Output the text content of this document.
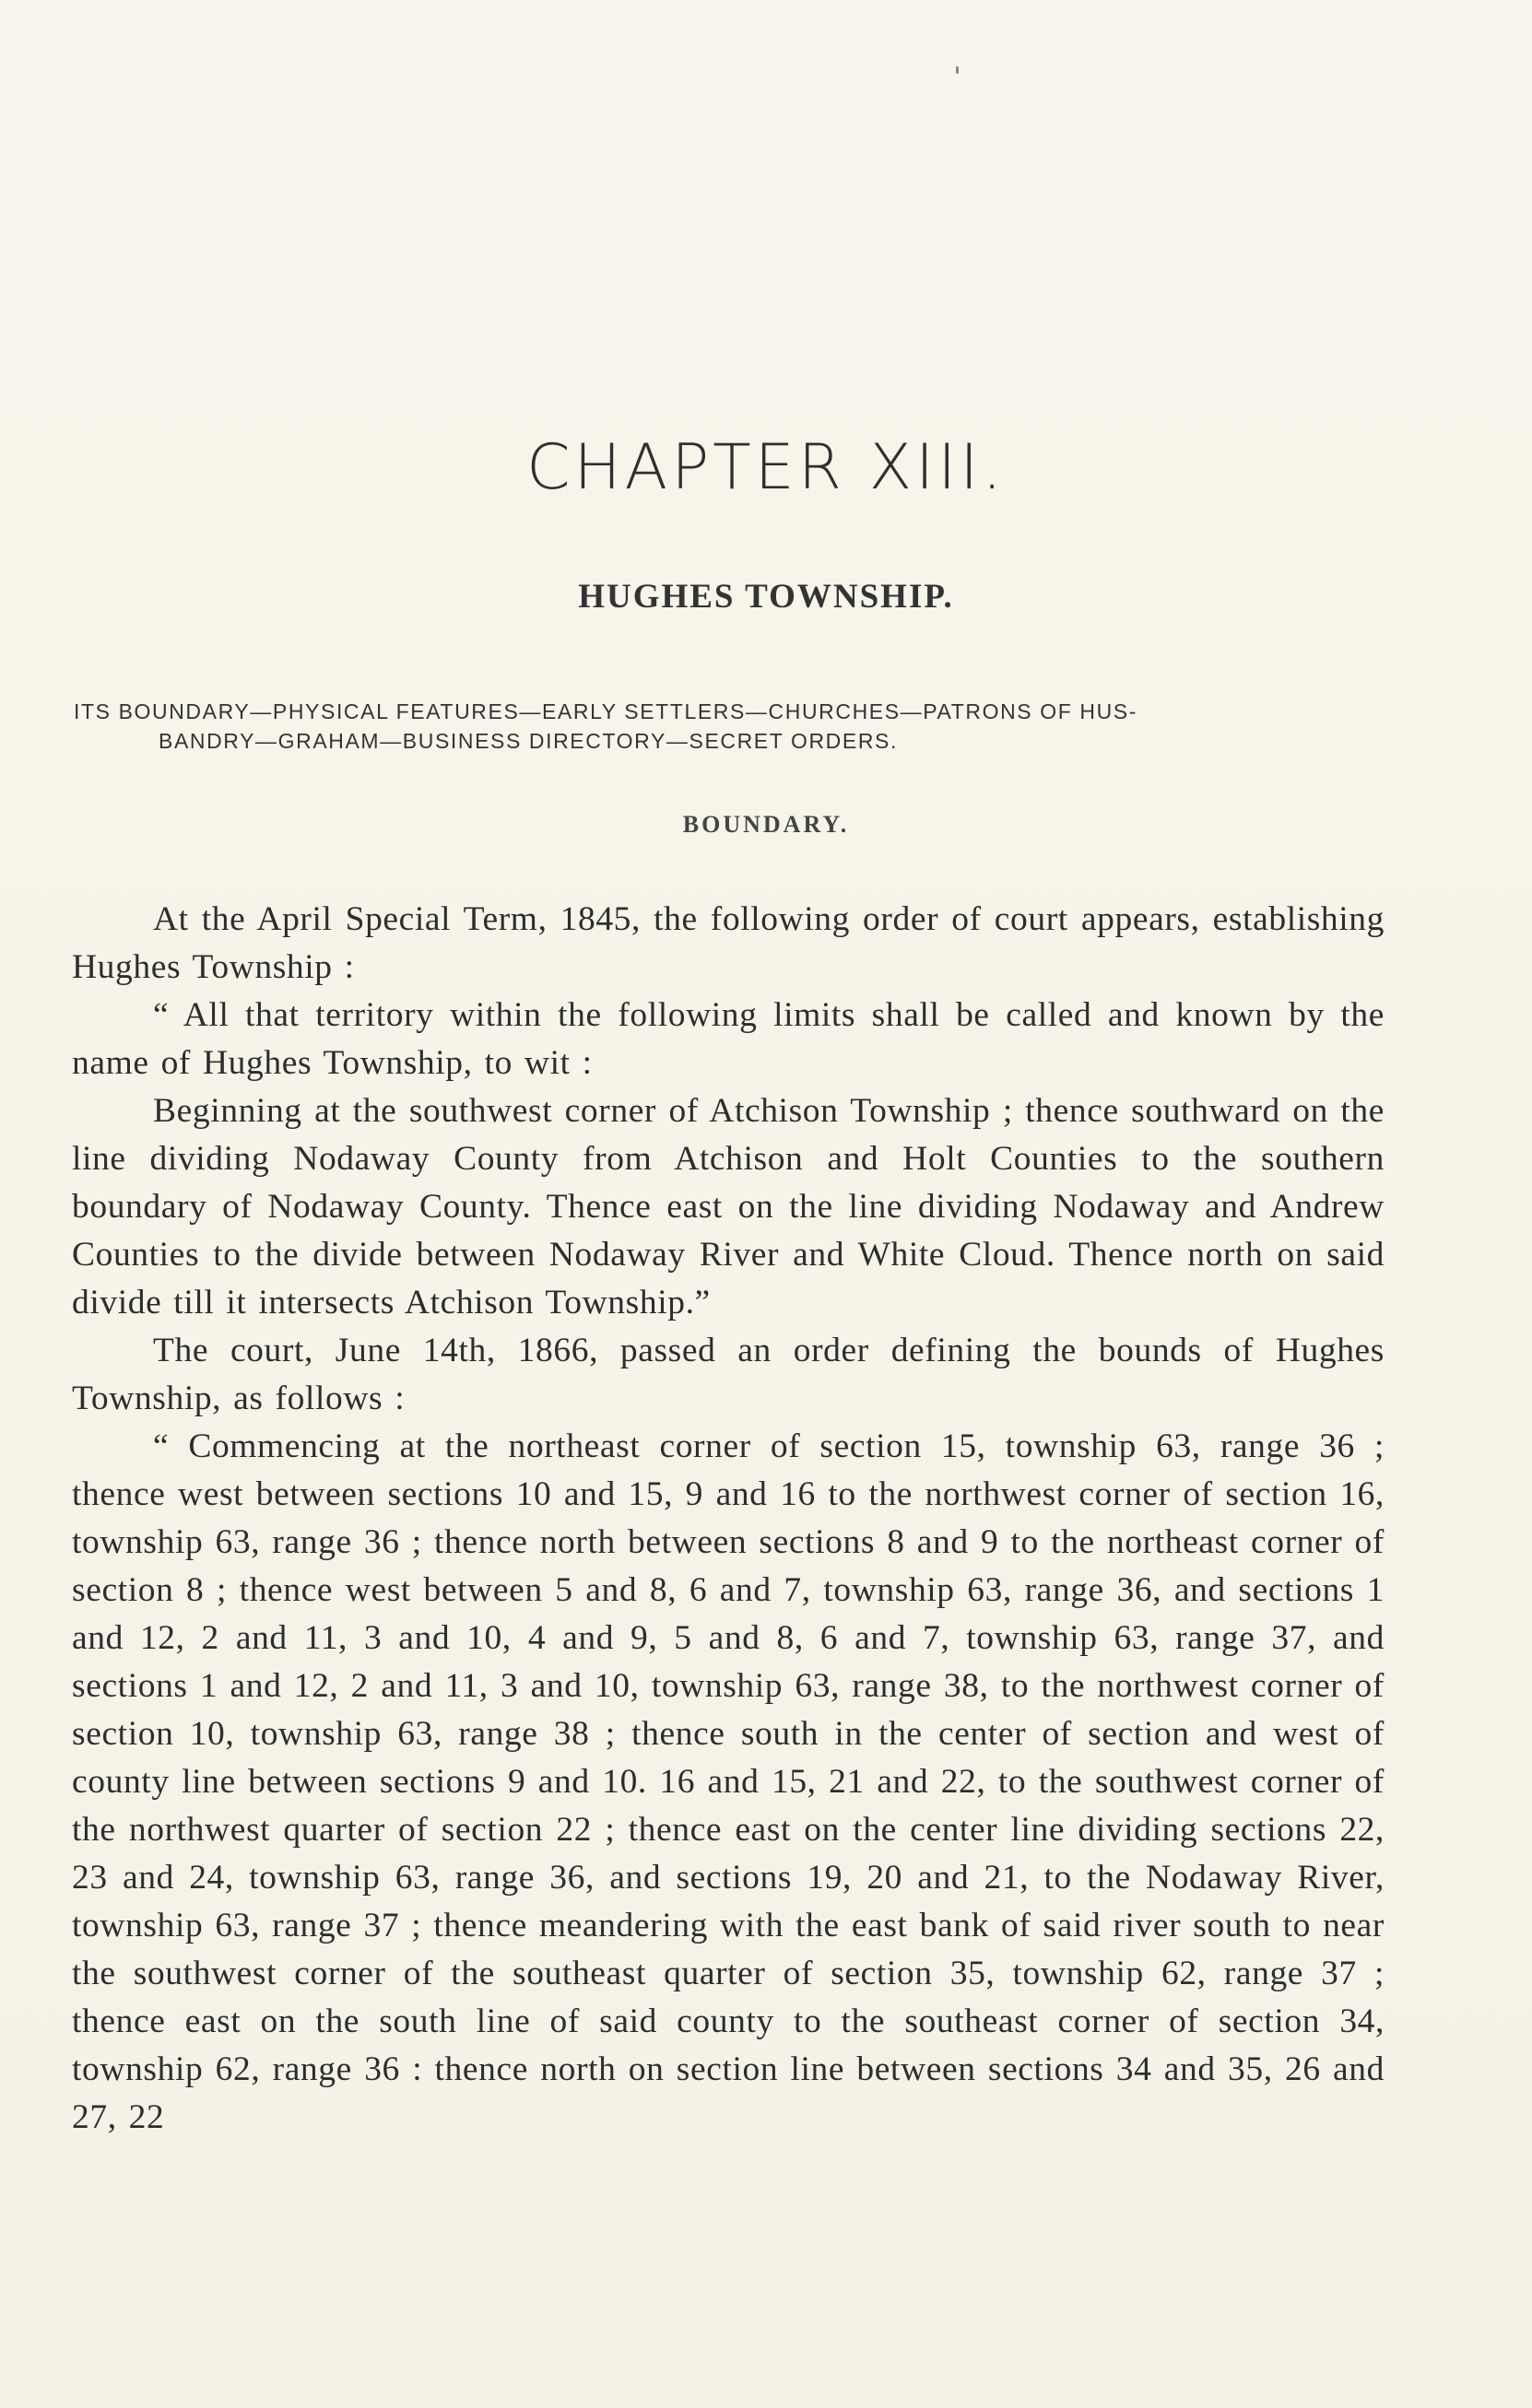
CHAPTER XIII.
HUGHES TOWNSHIP.
ITS BOUNDARY—PHYSICAL FEATURES—EARLY SETTLERS—CHURCHES—PATRONS OF HUS-
BANDRY—GRAHAM—BUSINESS DIRECTORY—SECRET ORDERS.
BOUNDARY.

At the April Special Term, 1845, the following order of court appears, establishing Hughes Township :

“ All that territory within the following limits shall be called and known by the name of Hughes Township, to wit :

Beginning at the southwest corner of Atchison Township ; thence southward on the line dividing Nodaway County from Atchison and Holt Counties to the southern boundary of Nodaway County. Thence east on the line dividing Nodaway and Andrew Counties to the divide between Nodaway River and White Cloud. Thence north on said divide till it intersects Atchison Township.”

The court, June 14th, 1866, passed an order defining the bounds of Hughes Township, as follows :

“ Commencing at the northeast corner of section 15, township 63, range 36 ; thence west between sections 10 and 15, 9 and 16 to the northwest corner of section 16, township 63, range 36 ; thence north between sections 8 and 9 to the northeast corner of section 8 ; thence west between 5 and 8, 6 and 7, township 63, range 36, and sections 1 and 12, 2 and 11, 3 and 10, 4 and 9, 5 and 8, 6 and 7, township 63, range 37, and sections 1 and 12, 2 and 11, 3 and 10, township 63, range 38, to the northwest corner of section 10, township 63, range 38 ; thence south in the center of section and west of county line between sections 9 and 10. 16 and 15, 21 and 22, to the southwest corner of the northwest quarter of section 22 ; thence east on the center line dividing sections 22, 23 and 24, township 63, range 36, and sections 19, 20 and 21, to the Nodaway River, township 63, range 37 ; thence meandering with the east bank of said river south to near the southwest corner of the southeast quarter of section 35, township 62, range 37 ; thence east on the south line of said county to the southeast corner of section 34, township 62, range 36 : thence north on section line between sections 34 and 35, 26 and 27, 22
